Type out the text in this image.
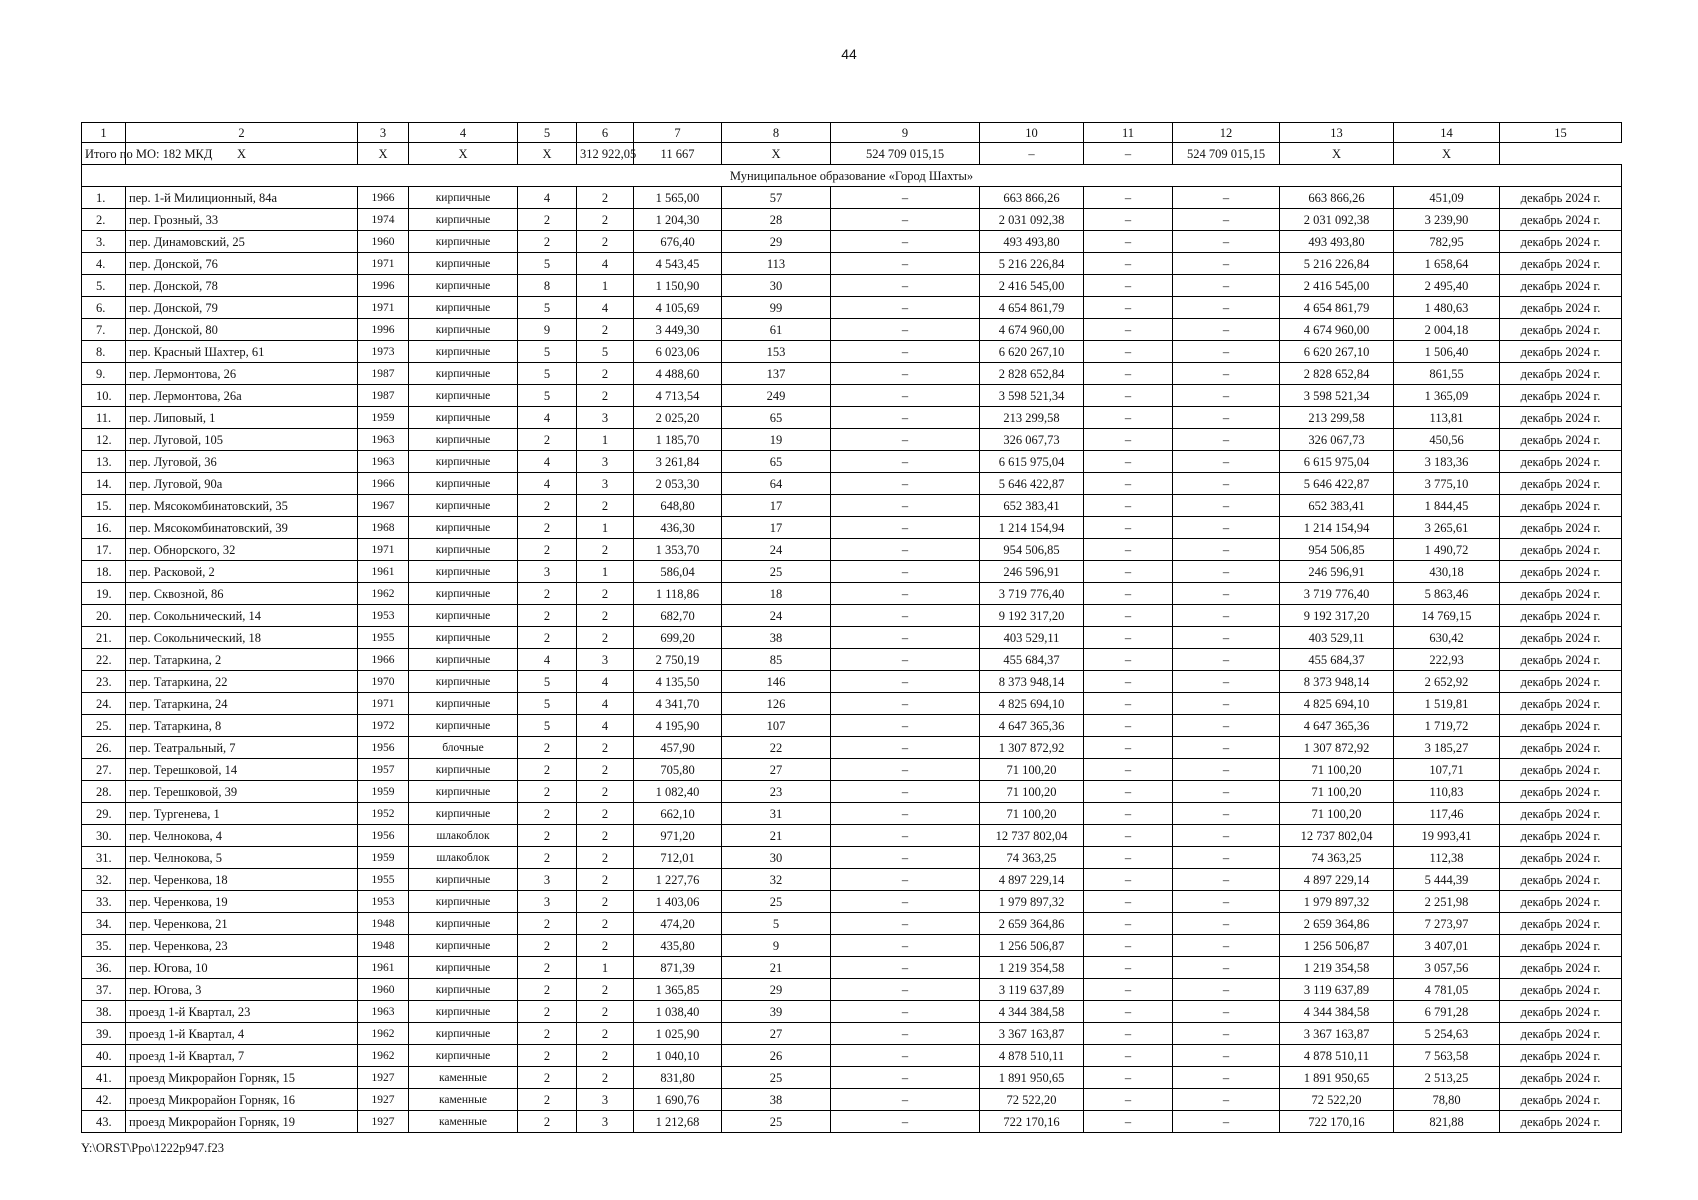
44
1	2	3	4	5	6	7	8	9	10	11	12	13	14	15
Итого по МО: 182 МКД	X	X	X	X	312 922,05	11 667	X	524 709 015,15	–	–	524 709 015,15	X	X	
Муниципальное образование «Город Шахты»														
1.	пер. 1-й Милиционный, 84а	1966	кирпичные	4	2	1 565,00	57	–	663 866,26	–	–	663 866,26	451,09	декабрь 2024 г.
2.	пер. Грозный, 33	1974	кирпичные	2	2	1 204,30	28	–	2 031 092,38	–	–	2 031 092,38	3 239,90	декабрь 2024 г.
3.	пер. Динамовский, 25	1960	кирпичные	2	2	676,40	29	–	493 493,80	–	–	493 493,80	782,95	декабрь 2024 г.
4.	пер. Донской, 76	1971	кирпичные	5	4	4 543,45	113	–	5 216 226,84	–	–	5 216 226,84	1 658,64	декабрь 2024 г.
5.	пер. Донской, 78	1996	кирпичные	8	1	1 150,90	30	–	2 416 545,00	–	–	2 416 545,00	2 495,40	декабрь 2024 г.
6.	пер. Донской, 79	1971	кирпичные	5	4	4 105,69	99	–	4 654 861,79	–	–	4 654 861,79	1 480,63	декабрь 2024 г.
7.	пер. Донской, 80	1996	кирпичные	9	2	3 449,30	61	–	4 674 960,00	–	–	4 674 960,00	2 004,18	декабрь 2024 г.
8.	пер. Красный Шахтер, 61	1973	кирпичные	5	5	6 023,06	153	–	6 620 267,10	–	–	6 620 267,10	1 506,40	декабрь 2024 г.
9.	пер. Лермонтова, 26	1987	кирпичные	5	2	4 488,60	137	–	2 828 652,84	–	–	2 828 652,84	861,55	декабрь 2024 г.
10.	пер. Лермонтова, 26а	1987	кирпичные	5	2	4 713,54	249	–	3 598 521,34	–	–	3 598 521,34	1 365,09	декабрь 2024 г.
11.	пер. Липовый, 1	1959	кирпичные	4	3	2 025,20	65	–	213 299,58	–	–	213 299,58	113,81	декабрь 2024 г.
12.	пер. Луговой, 105	1963	кирпичные	2	1	1 185,70	19	–	326 067,73	–	–	326 067,73	450,56	декабрь 2024 г.
13.	пер. Луговой, 36	1963	кирпичные	4	3	3 261,84	65	–	6 615 975,04	–	–	6 615 975,04	3 183,36	декабрь 2024 г.
14.	пер. Луговой, 90а	1966	кирпичные	4	3	2 053,30	64	–	5 646 422,87	–	–	5 646 422,87	3 775,10	декабрь 2024 г.
15.	пер. Мясокомбинатовский, 35	1967	кирпичные	2	2	648,80	17	–	652 383,41	–	–	652 383,41	1 844,45	декабрь 2024 г.
16.	пер. Мясокомбинатовский, 39	1968	кирпичные	2	1	436,30	17	–	1 214 154,94	–	–	1 214 154,94	3 265,61	декабрь 2024 г.
17.	пер. Обнорского, 32	1971	кирпичные	2	2	1 353,70	24	–	954 506,85	–	–	954 506,85	1 490,72	декабрь 2024 г.
18.	пер. Расковой, 2	1961	кирпичные	3	1	586,04	25	–	246 596,91	–	–	246 596,91	430,18	декабрь 2024 г.
19.	пер. Сквозной, 86	1962	кирпичные	2	2	1 118,86	18	–	3 719 776,40	–	–	3 719 776,40	5 863,46	декабрь 2024 г.
20.	пер. Сокольнический, 14	1953	кирпичные	2	2	682,70	24	–	9 192 317,20	–	–	9 192 317,20	14 769,15	декабрь 2024 г.
21.	пер. Сокольнический, 18	1955	кирпичные	2	2	699,20	38	–	403 529,11	–	–	403 529,11	630,42	декабрь 2024 г.
22.	пер. Татаркина, 2	1966	кирпичные	4	3	2 750,19	85	–	455 684,37	–	–	455 684,37	222,93	декабрь 2024 г.
23.	пер. Татаркина, 22	1970	кирпичные	5	4	4 135,50	146	–	8 373 948,14	–	–	8 373 948,14	2 652,92	декабрь 2024 г.
24.	пер. Татаркина, 24	1971	кирпичные	5	4	4 341,70	126	–	4 825 694,10	–	–	4 825 694,10	1 519,81	декабрь 2024 г.
25.	пер. Татаркина, 8	1972	кирпичные	5	4	4 195,90	107	–	4 647 365,36	–	–	4 647 365,36	1 719,72	декабрь 2024 г.
26.	пер. Театральный, 7	1956	блочные	2	2	457,90	22	–	1 307 872,92	–	–	1 307 872,92	3 185,27	декабрь 2024 г.
27.	пер. Терешковой, 14	1957	кирпичные	2	2	705,80	27	–	71 100,20	–	–	71 100,20	107,71	декабрь 2024 г.
28.	пер. Терешковой, 39	1959	кирпичные	2	2	1 082,40	23	–	71 100,20	–	–	71 100,20	110,83	декабрь 2024 г.
29.	пер. Тургенева, 1	1952	кирпичные	2	2	662,10	31	–	71 100,20	–	–	71 100,20	117,46	декабрь 2024 г.
30.	пер. Челнокова, 4	1956	шлакоблок	2	2	971,20	21	–	12 737 802,04	–	–	12 737 802,04	19 993,41	декабрь 2024 г.
31.	пер. Челнокова, 5	1959	шлакоблок	2	2	712,01	30	–	74 363,25	–	–	74 363,25	112,38	декабрь 2024 г.
32.	пер. Черенкова, 18	1955	кирпичные	3	2	1 227,76	32	–	4 897 229,14	–	–	4 897 229,14	5 444,39	декабрь 2024 г.
33.	пер. Черенкова, 19	1953	кирпичные	3	2	1 403,06	25	–	1 979 897,32	–	–	1 979 897,32	2 251,98	декабрь 2024 г.
34.	пер. Черенкова, 21	1948	кирпичные	2	2	474,20	5	–	2 659 364,86	–	–	2 659 364,86	7 273,97	декабрь 2024 г.
35.	пер. Черенкова, 23	1948	кирпичные	2	2	435,80	9	–	1 256 506,87	–	–	1 256 506,87	3 407,01	декабрь 2024 г.
36.	пер. Югова, 10	1961	кирпичные	2	1	871,39	21	–	1 219 354,58	–	–	1 219 354,58	3 057,56	декабрь 2024 г.
37.	пер. Югова, 3	1960	кирпичные	2	2	1 365,85	29	–	3 119 637,89	–	–	3 119 637,89	4 781,05	декабрь 2024 г.
38.	проезд 1-й Квартал, 23	1963	кирпичные	2	2	1 038,40	39	–	4 344 384,58	–	–	4 344 384,58	6 791,28	декабрь 2024 г.
39.	проезд 1-й Квартал, 4	1962	кирпичные	2	2	1 025,90	27	–	3 367 163,87	–	–	3 367 163,87	5 254,63	декабрь 2024 г.
40.	проезд 1-й Квартал, 7	1962	кирпичные	2	2	1 040,10	26	–	4 878 510,11	–	–	4 878 510,11	7 563,58	декабрь 2024 г.
41.	проезд Микрорайон Горняк, 15	1927	каменные	2	2	831,80	25	–	1 891 950,65	–	–	1 891 950,65	2 513,25	декабрь 2024 г.
42.	проезд Микрорайон Горняк, 16	1927	каменные	2	3	1 690,76	38	–	72 522,20	–	–	72 522,20	78,80	декабрь 2024 г.
43.	проезд Микрорайон Горняк, 19	1927	каменные	2	3	1 212,68	25	–	722 170,16	–	–	722 170,16	821,88	декабрь 2024 г.
Y:\ORST\Ppo\1222p947.f23
